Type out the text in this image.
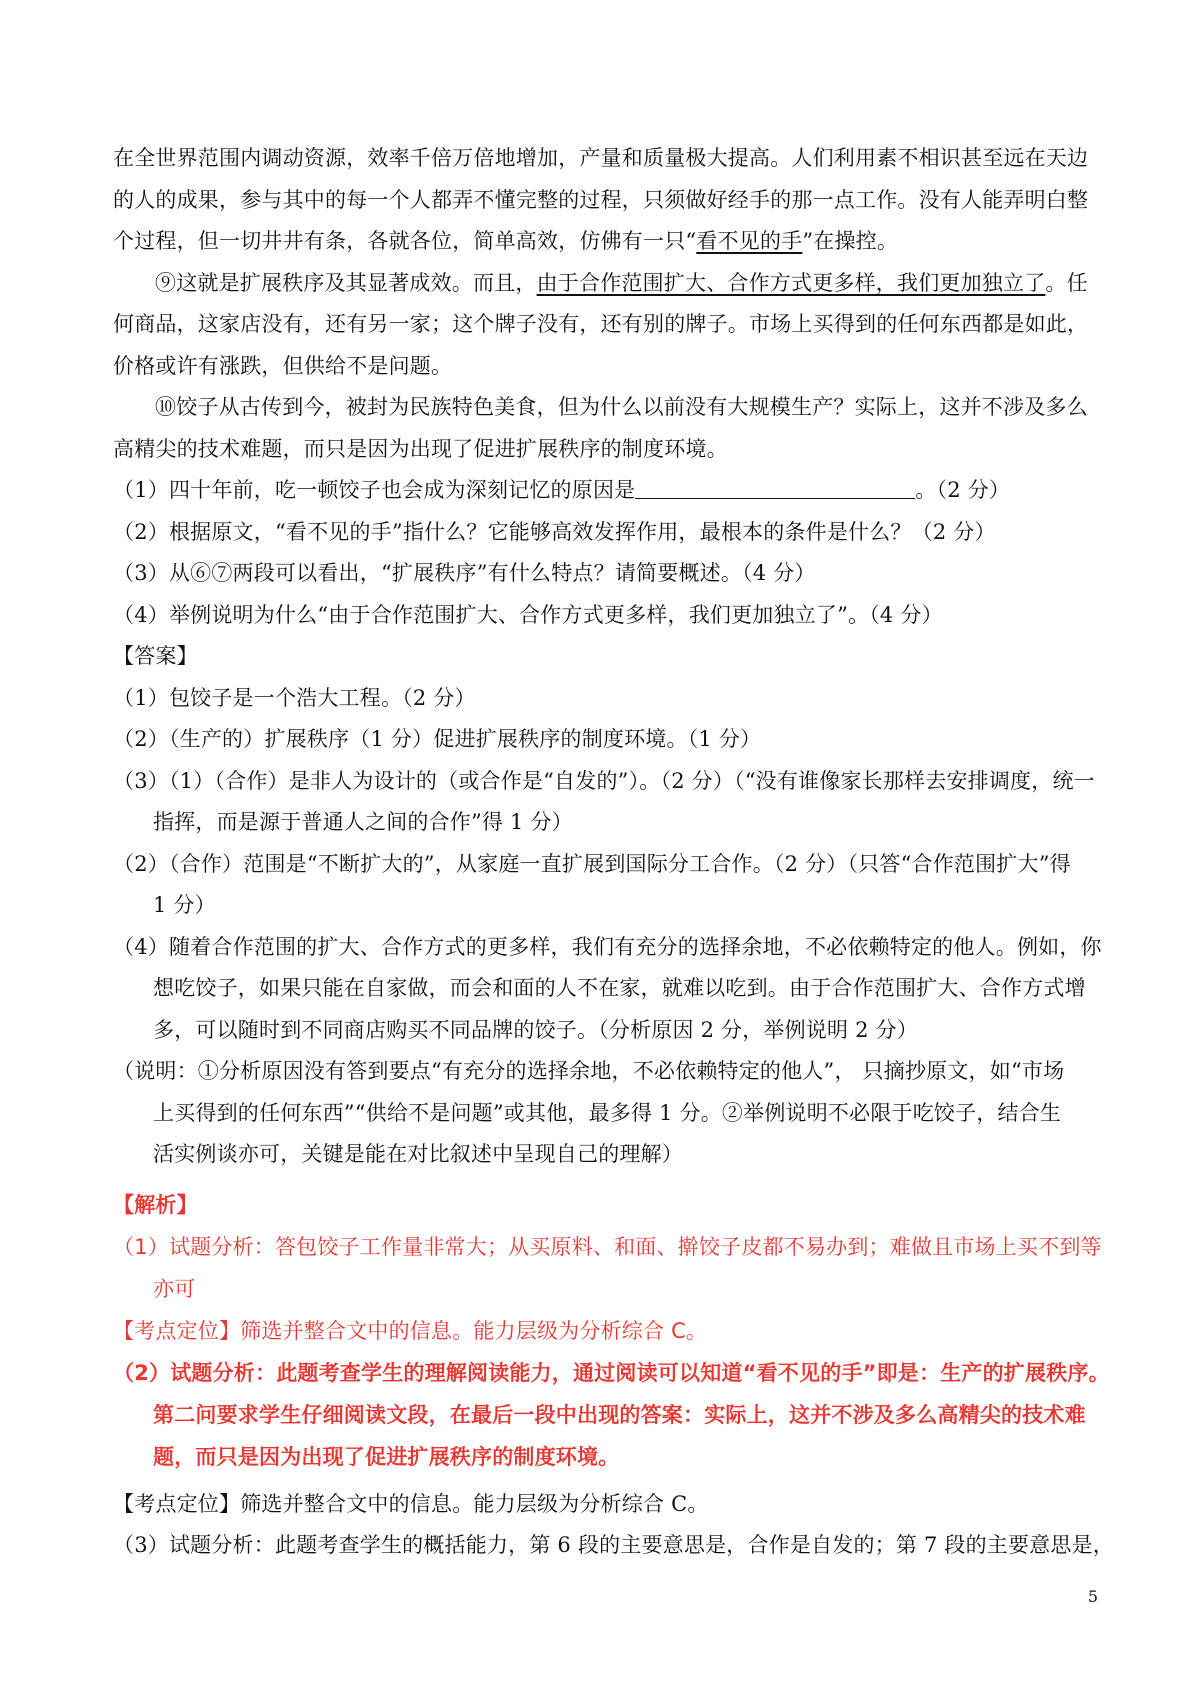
在全世界范围内调动资源，效率千倍万倍地增加，产量和质量极大提高。人们利用素不相识甚至远在天边
的人的成果，参与其中的每一个人都弄不懂完整的过程，只须做好经手的那一点工作。没有人能弄明白整
个过程，但一切井井有条，各就各位，简单高效，仿佛有一只“看不见的手”在操控。
⑨这就是扩展秩序及其显著成效。而且，由于合作范围扩大、合作方式更多样，我们更加独立了。任
何商品，这家店没有，还有另一家；这个牌子没有，还有别的牌子。市场上买得到的任何东西都是如此，
价格或许有涨跌，但供给不是问题。
⑩饺子从古传到今，被封为民族特色美食，但为什么以前没有大规模生产？实际上，这并不涉及多么
高精尖的技术难题，而只是因为出现了促进扩展秩序的制度环境。
（1）四十年前，吃一顿饺子也会成为深刻记忆的原因是	。（2 分）
（2）根据原文，“看不见的手”指什么？它能够高效发挥作用，最根本的条件是什么？（2 分）
（3）从⑥⑦两段可以看出，“扩展秩序”有什么特点？请简要概述。（4 分）
（4）举例说明为什么“由于合作范围扩大、合作方式更多样，我们更加独立了”。（4 分）
【答案】
（1）包饺子是一个浩大工程。（2 分）
（2）（生产的）扩展秩序（1 分）促进扩展秩序的制度环境。（1 分）
（3）（1）（合作）是非人为设计的（或合作是“自发的”）。（2 分）（“没有谁像家长那样去安排调度，统一
指挥，而是源于普通人之间的合作”得 1 分）
（2）（合作）范围是“不断扩大的”，从家庭一直扩展到国际分工合作。（2 分）（只答“合作范围扩大”得
1 分）
（4）随着合作范围的扩大、合作方式的更多样，我们有充分的选择余地，不必依赖特定的他人。例如，你
想吃饺子，如果只能在自家做，而会和面的人不在家，就难以吃到。由于合作范围扩大、合作方式增
多，可以随时到不同商店购买不同品牌的饺子。（分析原因 2 分，举例说明 2 分）
（说明：①分析原因没有答到要点“有充分的选择余地，不必依赖特定的他人”， 只摘抄原文，如“市场
上买得到的任何东西”“供给不是问题”或其他，最多得 1 分。②举例说明不必限于吃饺子，结合生
活实例谈亦可，关键是能在对比叙述中呈现自己的理解）
【解析】
（1）试题分析：答包饺子工作量非常大；从买原料、和面、擀饺子皮都不易办到；难做且市场上买不到等
亦可
【考点定位】筛选并整合文中的信息。能力层级为分析综合 C。
（2）试题分析：此题考查学生的理解阅读能力，通过阅读可以知道“看不见的手”即是：生产的扩展秩序。
第二问要求学生仔细阅读文段，在最后一段中出现的答案：实际上，这并不涉及多么高精尖的技术难
题，而只是因为出现了促进扩展秩序的制度环境。
【考点定位】筛选并整合文中的信息。能力层级为分析综合 C。
（3）试题分析：此题考查学生的概括能力，第 6 段的主要意思是，合作是自发的；第 7 段的主要意思是，
5
